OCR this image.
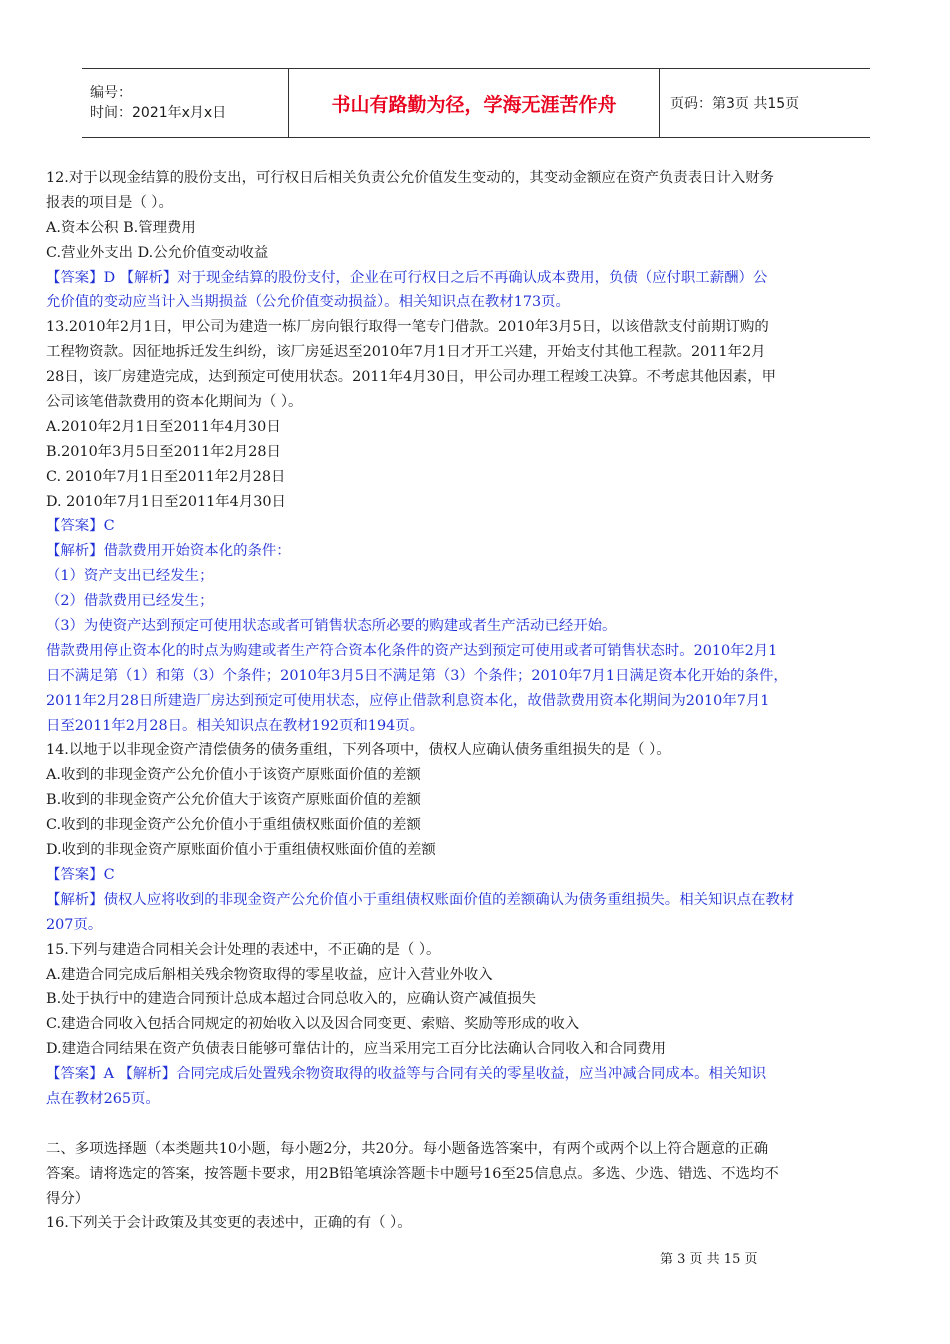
编号：
时间：2021年x月x日	书山有路勤为径，学海无涯苦作舟	页码：第3页 共15页
12.对于以现金结算的股份支出，可行权日后相关负责公允价值发生变动的，其变动金额应在资产负责表日计入财务
报表的项目是（ ）。
A.资本公积 B.管理费用
C.营业外支出 D.公允价值变动收益
【答案】D 【解析】对于现金结算的股份支付，企业在可行权日之后不再确认成本费用，负债（应付职工薪酬）公
允价值的变动应当计入当期损益（公允价值变动损益）。相关知识点在教材173页。
13.2010年2月1日，甲公司为建造一栋厂房向银行取得一笔专门借款。2010年3月5日，以该借款支付前期订购的
工程物资款。因征地拆迁发生纠纷，该厂房延迟至2010年7月1日才开工兴建，开始支付其他工程款。2011年2月
28日，该厂房建造完成，达到预定可使用状态。2011年4月30日，甲公司办理工程竣工决算。不考虑其他因素，甲
公司该笔借款费用的资本化期间为（ ）。
A.2010年2月1日至2011年4月30日
B.2010年3月5日至2011年2月28日
C. 2010年7月1日至2011年2月28日
D. 2010年7月1日至2011年4月30日
【答案】C
【解析】借款费用开始资本化的条件：
（1）资产支出已经发生；
（2）借款费用已经发生；
（3）为使资产达到预定可使用状态或者可销售状态所必要的购建或者生产活动已经开始。
借款费用停止资本化的时点为购建或者生产符合资本化条件的资产达到预定可使用或者可销售状态时。2010年2月1
日不满足第（1）和第（3）个条件；2010年3月5日不满足第（3）个条件；2010年7月1日满足资本化开始的条件，
2011年2月28日所建造厂房达到预定可使用状态，应停止借款利息资本化，故借款费用资本化期间为2010年7月1
日至2011年2月28日。相关知识点在教材192页和194页。
14.以地于以非现金资产清偿债务的债务重组，下列各项中，债权人应确认债务重组损失的是（ ）。
A.收到的非现金资产公允价值小于该资产原账面价值的差额
B.收到的非现金资产公允价值大于该资产原账面价值的差额
C.收到的非现金资产公允价值小于重组债权账面价值的差额
D.收到的非现金资产原账面价值小于重组债权账面价值的差额
【答案】C
【解析】债权人应将收到的非现金资产公允价值小于重组债权账面价值的差额确认为债务重组损失。相关知识点在教材
207页。
15.下列与建造合同相关会计处理的表述中，不正确的是（ ）。
A.建造合同完成后斛相关残余物资取得的零星收益，应计入营业外收入
B.处于执行中的建造合同预计总成本超过合同总收入的，应确认资产减值损失
C.建造合同收入包括合同规定的初始收入以及因合同变更、索赔、奖励等形成的收入
D.建造合同结果在资产负债表日能够可靠估计的，应当采用完工百分比法确认合同收入和合同费用
【答案】A 【解析】合同完成后处置残余物资取得的收益等与合同有关的零星收益，应当冲减合同成本。相关知识
点在教材265页。
二、多项选择题（本类题共10小题，每小题2分，共20分。每小题备选答案中，有两个或两个以上符合题意的正确
答案。请将选定的答案，按答题卡要求，用2B铅笔填涂答题卡中题号16至25信息点。多选、少选、错选、不选均不
得分）
16.下列关于会计政策及其变更的表述中，正确的有（ ）。
第 3 页 共 15 页
